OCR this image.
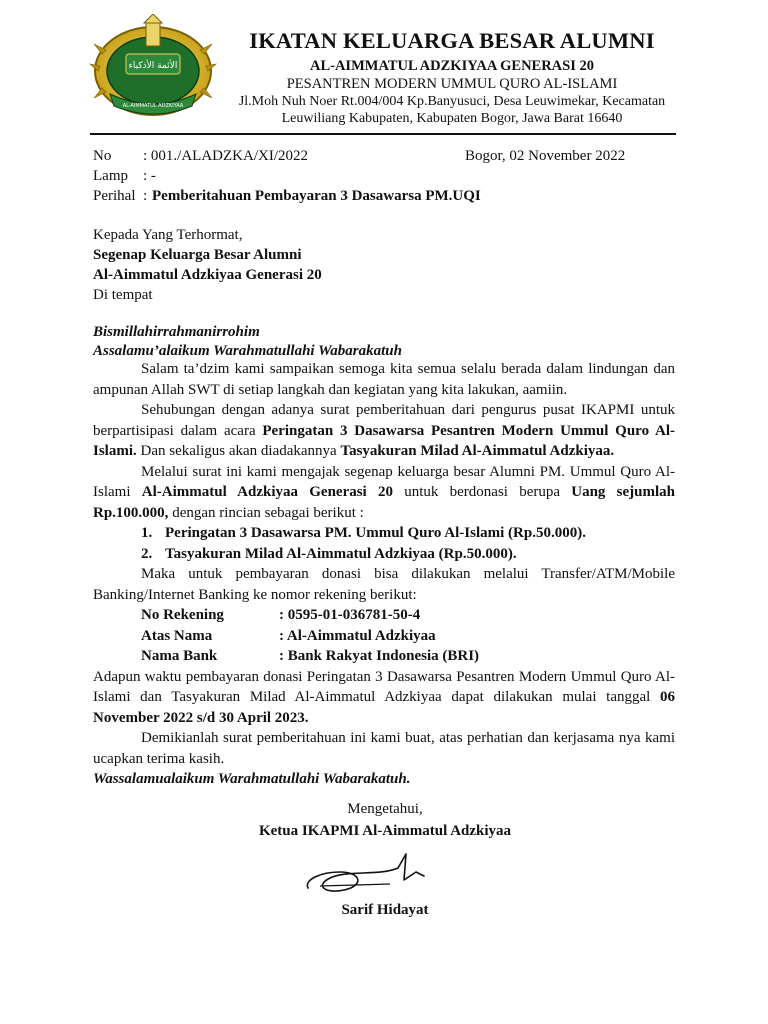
الأئمة الأذكياء
AL-AIMMATUL ADZKIYAA
IKATAN KELUARGA BESAR ALUMNI
AL-AIMMATUL ADZKIYAA GENERASI 20
PESANTREN MODERN UMMUL QURO AL-ISLAMI
Jl.Moh Nuh Noer Rt.004/004 Kp.Banyusuci, Desa Leuwimekar, Kecamatan
Leuwiliang Kabupaten, Kabupaten Bogor, Jawa Barat 16640
No : 001./ALADZKA/XI/2022	Bogor, 02 November 2022
Lamp : -
Perihal : Pemberitahuan Pembayaran 3 Dasawarsa PM.UQI
Kepada Yang Terhormat,
Segenap Keluarga Besar Alumni
Al-Aimmatul Adzkiyaa Generasi 20
Di tempat
Bismillahirrahmanirrohim
Assalamu’alaikum Warahmatullahi Wabarakatuh

Salam ta’dzim kami sampaikan semoga kita semua selalu berada dalam lindungan dan ampunan Allah SWT di setiap langkah dan kegiatan yang kita lakukan, aamiin.

Sehubungan dengan adanya surat pemberitahuan dari pengurus pusat IKAPMI untuk berpartisipasi dalam acara Peringatan 3 Dasawarsa Pesantren Modern Ummul Quro Al-Islami. Dan sekaligus akan diadakannya Tasyakuran Milad Al-Aimmatul Adzkiyaa.

Melalui surat ini kami mengajak segenap keluarga besar Alumni PM. Ummul Quro Al-Islami Al-Aimmatul Adzkiyaa Generasi 20 untuk berdonasi berupa Uang sejumlah Rp.100.000, dengan rincian sebagai berikut :

1. Peringatan 3 Dasawarsa PM. Ummul Quro Al-Islami (Rp.50.000).
2. Tasyakuran Milad Al-Aimmatul Adzkiyaa (Rp.50.000).

Maka untuk pembayaran donasi bisa dilakukan melalui Transfer/ATM/Mobile Banking/Internet Banking ke nomor rekening berikut:

No Rekening	: 0595-01-036781-50-4
Atas Nama	: Al-Aimmatul Adzkiyaa
Nama Bank	: Bank Rakyat Indonesia (BRI)

Adapun waktu pembayaran donasi Peringatan 3 Dasawarsa Pesantren Modern Ummul Quro Al-Islami dan Tasyakuran Milad Al-Aimmatul Adzkiyaa dapat dilakukan mulai tanggal 06 November 2022 s/d 30 April 2023.

Demikianlah surat pemberitahuan ini kami buat, atas perhatian dan kerjasama nya kami ucapkan terima kasih.

Wassalamualaikum Warahmatullahi Wabarakatuh.

Mengetahui,
Ketua IKAPMI Al-Aimmatul Adzkiyaa
Sarif Hidayat
